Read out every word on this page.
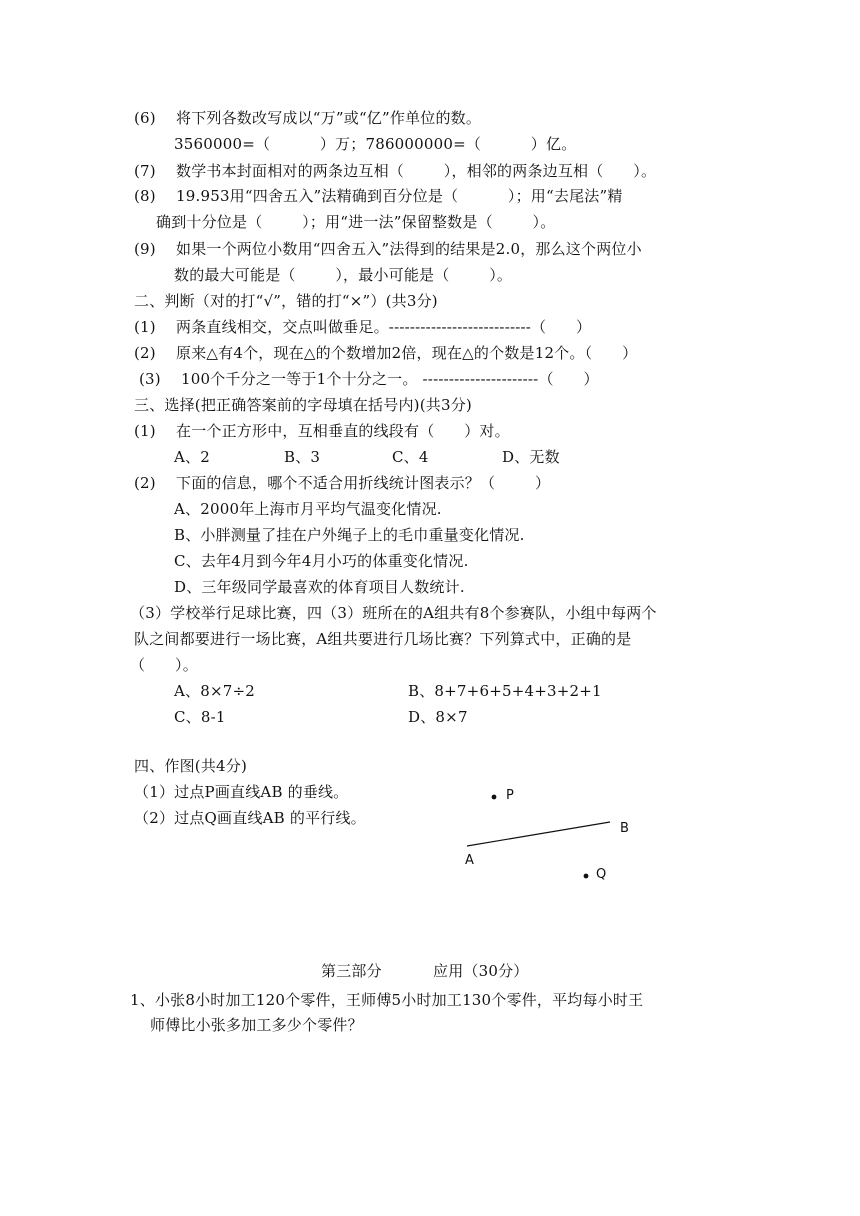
(6) 将下列各数改写成以“万”或“亿”作单位的数。
3560000=（          ）万；786000000=（          ）亿。
(7) 数学书本封面相对的两条边互相（        ），相邻的两条边互相（      ）。
(8) 19.953用“四舍五入”法精确到百分位是（          ）；用“去尾法”精
确到十分位是（        ）；用“进一法”保留整数是（        ）。
(9) 如果一个两位小数用“四舍五入”法得到的结果是2.0，那么这个两位小
数的最大可能是（        ），最小可能是（        ）。
二、判断（对的打“√”，错的打“×”）(共3分)
(1) 两条直线相交，交点叫做垂足。---------------------------（      ）
(2) 原来△有4个，现在△的个数增加2倍，现在△的个数是12个。（      ）
(3) 100个千分之一等于1个十分之一。 ----------------------（      ）
三、选择(把正确答案前的字母填在括号内)(共3分)
(1) 在一个正方形中，互相垂直的线段有（      ）对。
A、2	B、3	C、4	D、无数
(2) 下面的信息，哪个不适合用折线统计图表示？（        ）
A、2000年上海市月平均气温变化情况.
B、小胖测量了挂在户外绳子上的毛巾重量变化情况.
C、去年4月到今年4月小巧的体重变化情况.
D、三年级同学最喜欢的体育项目人数统计.
（3）学校举行足球比赛，四（3）班所在的A组共有8个参赛队，小组中每两个
队之间都要进行一场比赛，A组共要进行几场比赛？下列算式中，正确的是
（      ）。
A、8×7÷2	B、8+7+6+5+4+3+2+1
C、8-1	D、8×7
四、作图(共4分)
（1）过点P画直线AB 的垂线。
（2）过点Q画直线AB 的平行线。
P
B
A
Q
第三部分	应用（30分）
1、小张8小时加工120个零件，王师傅5小时加工130个零件，平均每小时王
师傅比小张多加工多少个零件？
